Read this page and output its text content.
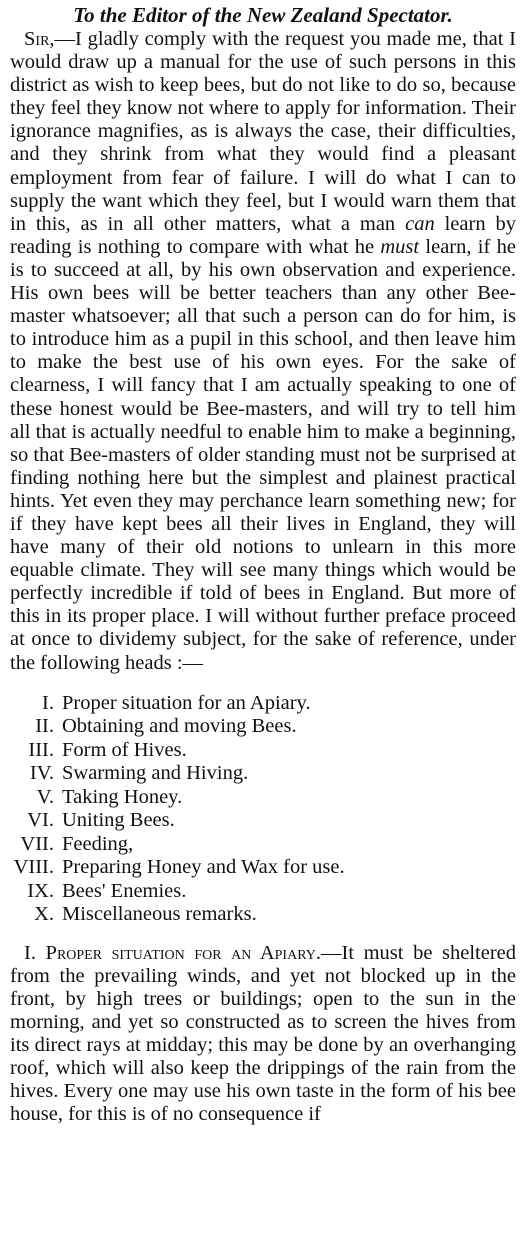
To the Editor of the New Zealand Spectator.

Sir,—I gladly comply with the request you made me, that I would draw up a manual for the use of such persons in this district as wish to keep bees, but do not like to do so, because they feel they know not where to apply for information. Their ignorance magnifies, as is always the case, their difficulties, and they shrink from what they would find a pleasant employment from fear of failure. I will do what I can to supply the want which they feel, but I would warn them that in this, as in all other matters, what a man can learn by reading is nothing to compare with what he must learn, if he is to succeed at all, by his own observation and experience. His own bees will be better teachers than any other Bee-master whatsoever; all that such a person can do for him, is to introduce him as a pupil in this school, and then leave him to make the best use of his own eyes. For the sake of clearness, I will fancy that I am actually speaking to one of these honest would be Bee-masters, and will try to tell him all that is actually needful to enable him to make a beginning, so that Bee-masters of older standing must not be surprised at finding nothing here but the simplest and plainest practical hints. Yet even they may perchance learn something new; for if they have kept bees all their lives in England, they will have many of their old notions to unlearn in this more equable climate. They will see many things which would be perfectly incredible if told of bees in England. But more of this in its proper place. I will without further preface proceed at once to dividemy subject, for the sake of reference, under the following heads :—

I. Proper situation for an Apiary.
II. Obtaining and moving Bees.
III. Form of Hives.
IV. Swarming and Hiving.
V. Taking Honey.
VI. Uniting Bees.
VII. Feeding,
VIII. Preparing Honey and Wax for use.
IX. Bees' Enemies.
X. Miscellaneous remarks.

I. Proper situation for an Apiary.—It must be sheltered from the prevailing winds, and yet not blocked up in the front, by high trees or buildings; open to the sun in the morning, and yet so constructed as to screen the hives from its direct rays at midday; this may be done by an overhanging roof, which will also keep the drippings of the rain from the hives. Every one may use his own taste in the form of his bee house, for this is of no consequence if
